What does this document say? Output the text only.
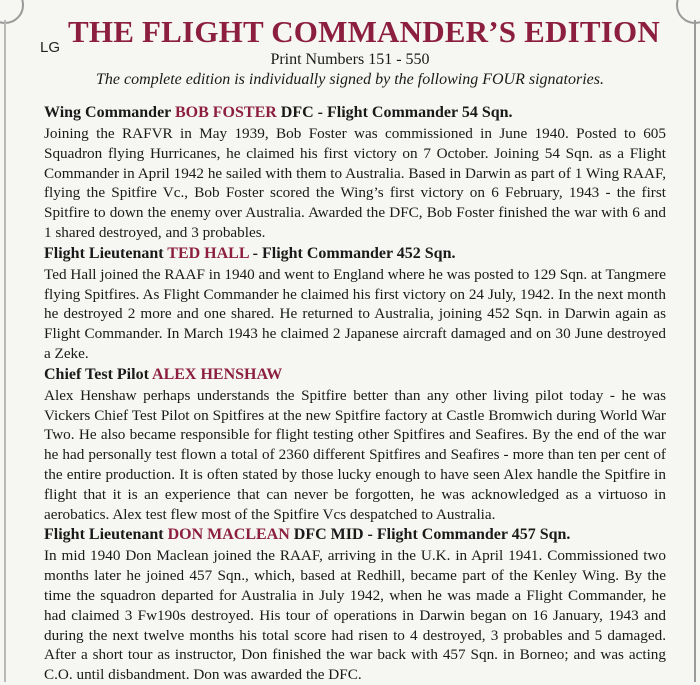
LG THE FLIGHT COMMANDER’S EDITION
Print Numbers 151 - 550
The complete edition is individually signed by the following FOUR signatories.
Wing Commander BOB FOSTER DFC - Flight Commander 54 Sqn.

Joining the RAFVR in May 1939, Bob Foster was commissioned in June 1940. Posted to 605 Squadron flying Hurricanes, he claimed his first victory on 7 October. Joining 54 Sqn. as a Flight Commander in April 1942 he sailed with them to Australia. Based in Darwin as part of 1 Wing RAAF, flying the Spitfire Vc., Bob Foster scored the Wing’s first victory on 6 February, 1943 - the first Spitfire to down the enemy over Australia. Awarded the DFC, Bob Foster finished the war with 6 and 1 shared destroyed, and 3 probables.

Flight Lieutenant TED HALL - Flight Commander 452 Sqn.

Ted Hall joined the RAAF in 1940 and went to England where he was posted to 129 Sqn. at Tangmere flying Spitfires. As Flight Commander he claimed his first victory on 24 July, 1942. In the next month he destroyed 2 more and one shared. He returned to Australia, joining 452 Sqn. in Darwin again as Flight Commander. In March 1943 he claimed 2 Japanese aircraft damaged and on 30 June destroyed a Zeke.

Chief Test Pilot ALEX HENSHAW

Alex Henshaw perhaps understands the Spitfire better than any other living pilot today - he was Vickers Chief Test Pilot on Spitfires at the new Spitfire factory at Castle Bromwich during World War Two. He also became responsible for flight testing other Spitfires and Seafires. By the end of the war he had personally test flown a total of 2360 different Spitfires and Seafires - more than ten per cent of the entire production. It is often stated by those lucky enough to have seen Alex handle the Spitfire in flight that it is an experience that can never be forgotten, he was acknowledged as a virtuoso in aerobatics. Alex test flew most of the Spitfire Vcs despatched to Australia.

Flight Lieutenant DON MACLEAN DFC MID - Flight Commander 457 Sqn.

In mid 1940 Don Maclean joined the RAAF, arriving in the U.K. in April 1941. Commissioned two months later he joined 457 Sqn., which, based at Redhill, became part of the Kenley Wing. By the time the squadron departed for Australia in July 1942, when he was made a Flight Commander, he had claimed 3 Fw190s destroyed. His tour of operations in Darwin began on 16 January, 1943 and during the next twelve months his total score had risen to 4 destroyed, 3 probables and 5 damaged. After a short tour as instructor, Don finished the war back with 457 Sqn. in Borneo; and was acting C.O. until disbandment. Don was awarded the DFC.
